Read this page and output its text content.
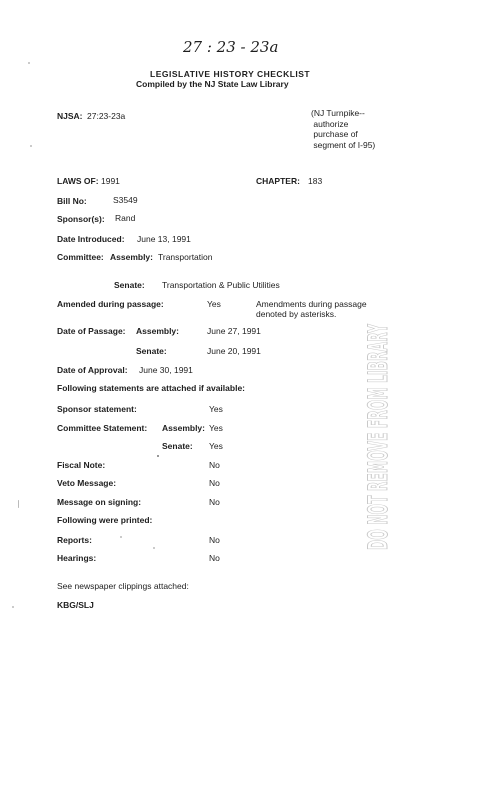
27 : 23 - 23a
LEGISLATIVE HISTORY CHECKLIST
Compiled by the NJ State Law Library
NJSA: 27:23-23a	(NJ Turnpike--
authorize
purchase of
segment of I-95)
LAWS OF: 1991	CHAPTER: 183
Bill No:	S3549
Sponsor(s): Rand
Date Introduced: June 13, 1991
Committee: Assembly: Transportation
Senate: Transportation & Public Utilities
Amended during passage:	Yes	Amendments during passage
denoted by asterisks.
Date of Passage: Assembly:	June 27, 1991
Senate:	June 20, 1991
Date of Approval: June 30, 1991
Following statements are attached if available:
Sponsor statement:	Yes
Committee Statement: Assembly: Yes
Senate: Yes
Fiscal Note:	No
Veto Message:	No
Message on signing:	No
Following were printed:
Reports:	No
Hearings:	No
See newspaper clippings attached:
KBG/SLJ
DO NOT REMOVE FROM LIBRARY
